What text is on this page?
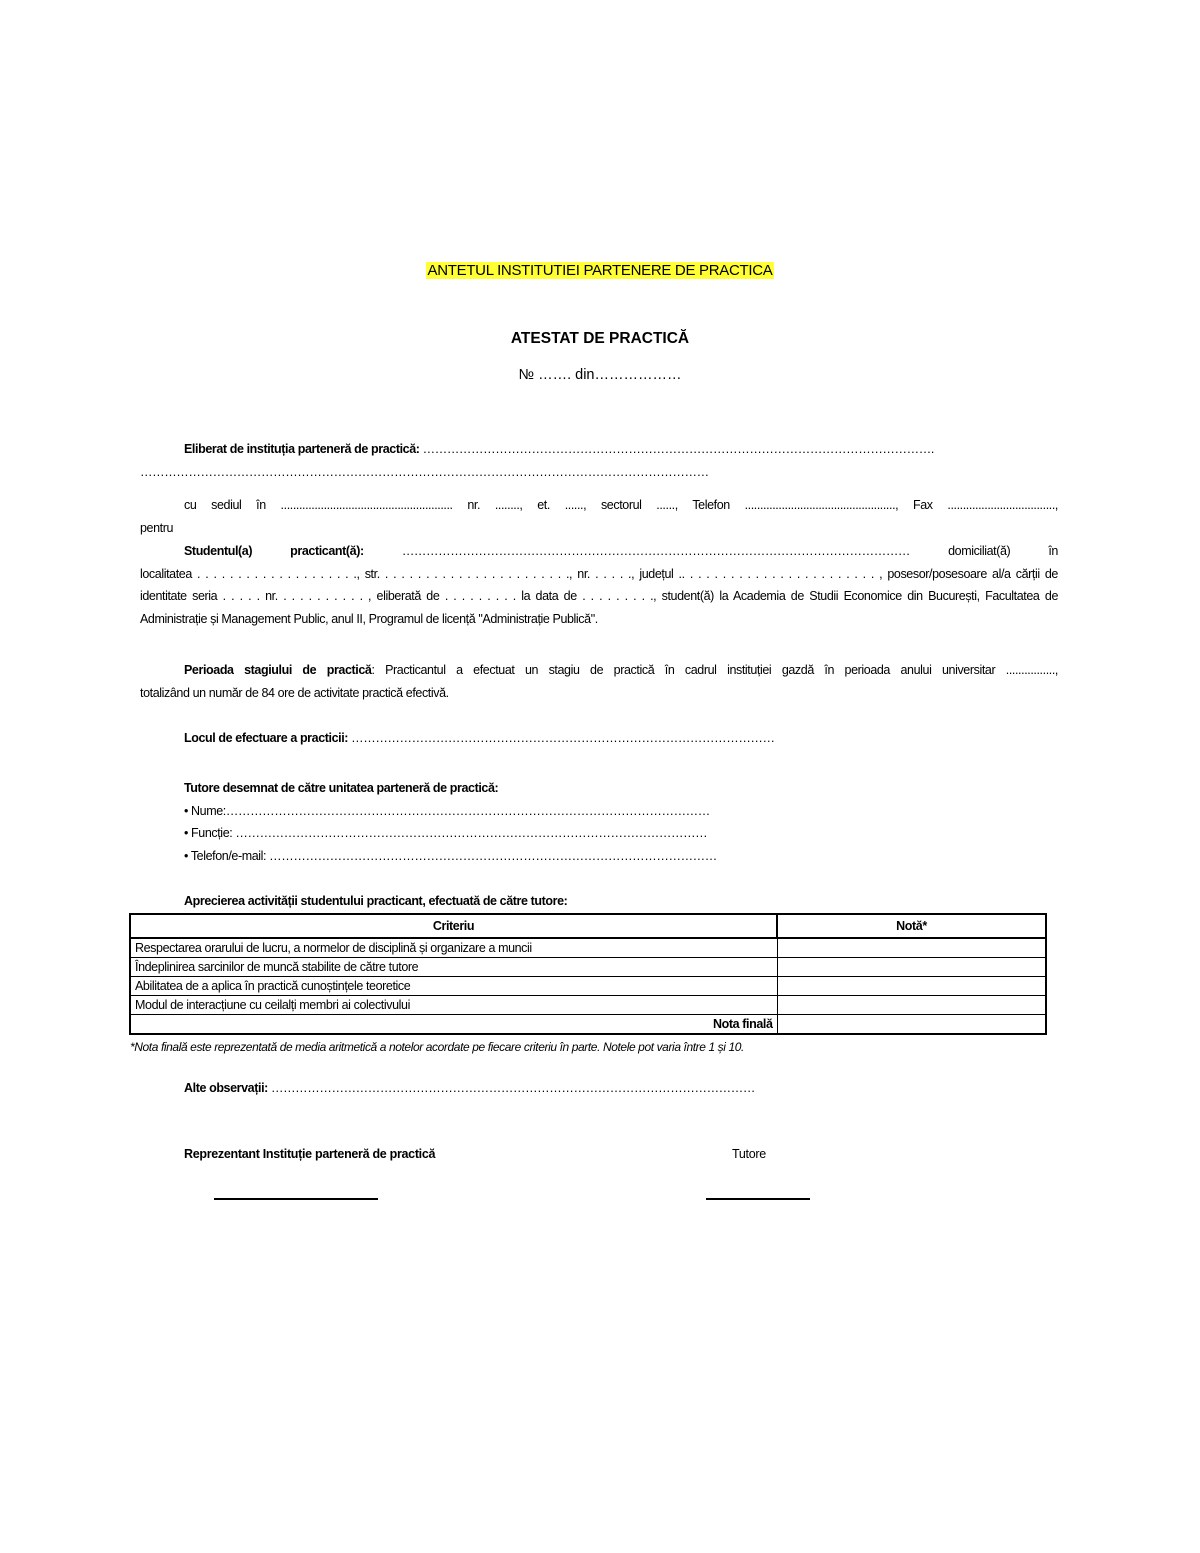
ANTETUL INSTITUTIEI PARTENERE DE PRACTICA
ATESTAT DE PRACTICĂ
№ ……. din………………
Eliberat de instituția parteneră de practică: ……………………………………………………………………………………………………………….
……………………………………………………………………………………………………………………………
cu sediul în ........................................................ nr. ........, et. ......, sectorul ......, Telefon ................................................., Fax ...................................,
pentru
Studentul(a)	practicant(ă):	………………………………………………………………………………………………………………	domiciliat(ă)	în
localitatea . . . . . . . . . . . . . . . . . . . ., str. . . . . . . . . . . . . . . . . . . . . . . ., nr. . . . . ., județul .. . . . . . . . . . . . . . . . . . . . . . . . , posesor/posesoare al/a cărții de
identitate seria . . . . . nr. . . . . . . . . . . , eliberată de . . . . . . . . . la data de . . . . . . . . ., student(ă) la Academia de Studii Economice din București, Facultatea de
Administrație și Management Public, anul II, Programul de licență "Administrație Publică".
Perioada stagiului de practică: Practicantul a efectuat un stagiu de practică în cadrul instituției gazdă în perioada anului universitar ................,
totalizând un număr de 84 ore de activitate practică efectivă.
Locul de efectuare a practicii: ……………………………………………………………………………………………
Tutore desemnat de către unitatea parteneră de practică:
• Nume:…………………………………………………………………………………………………………
• Funcție: ………………………………………………………………………………………………………
• Telefon/e-mail: …………………………………………………………………………………………………
Aprecierea activității studentului practicant, efectuată de către tutore:
Criteriu	Notă*
Respectarea orarului de lucru, a normelor de disciplină și organizare a muncii	
Îndeplinirea sarcinilor de muncă stabilite de către tutore	
Abilitatea de a aplica în practică cunoștințele teoretice	
Modul de interacțiune cu ceilalți membri ai colectivului	
Nota finală	
*Nota finală este reprezentată de media aritmetică a notelor acordate pe fiecare criteriu în parte. Notele pot varia între 1 și 10.
Alte observații: …………………………………………………………………………………………………………
Reprezentant Instituție parteneră de practică	Tutore
